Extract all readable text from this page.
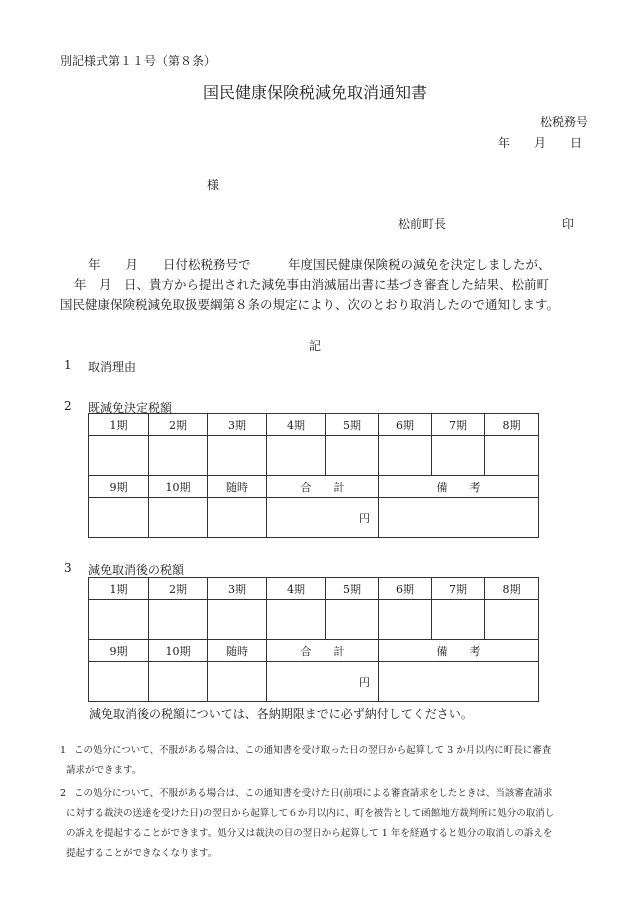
別記様式第１１号（第８条）
国民健康保険税減免取消通知書
松税務号
年　月　日
様
松前町長	印
年　　月　　日付松税務号で　　　年度国民健康保険税の減免を決定しましたが、
年　月　日、貴方から提出された減免事由消滅届出書に基づき審査した結果、松前町
国民健康保険税減免取扱要綱第８条の規定により、次のとおり取消したので通知します。
記
1 取消理由
2 既減免決定税額
1期	2期	3期	4期	5期	6期	7期	8期

9期	10期	随時	合　　計		備　　考		
			円				
3 減免取消後の税額
1期	2期	3期	4期	5期	6期	7期	8期

9期	10期	随時	合　　計		備　　考		
			円				
減免取消後の税額については、各納期限までに必ず納付してください。
1 この処分について、不服がある場合は、この通知書を受け取った日の翌日から起算して 3 か月以内に町長に審査
請求ができます。
2 この処分について、不服がある場合は、この通知書を受けた日(前項による審査請求をしたときは、当該審査請求
に対する裁決の送達を受けた日)の翌日から起算して６か月以内に、町を被告として函館地方裁判所に処分の取消し
の訴えを提起することができます。処分又は裁決の日の翌日から起算して 1 年を経過すると処分の取消しの訴えを
提起することができなくなります。
